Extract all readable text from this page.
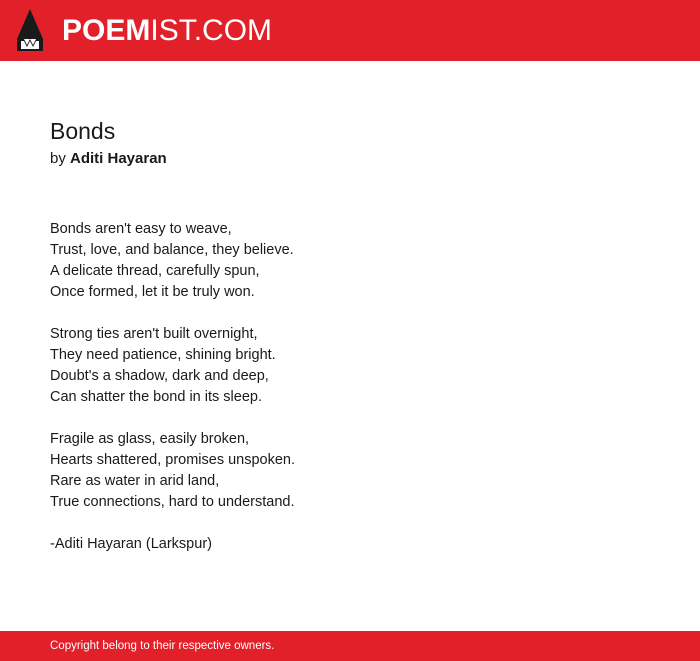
POEMIST.COM
Bonds
by Aditi Hayaran
Bonds aren't easy to weave,
Trust, love, and balance, they believe.
A delicate thread, carefully spun,
Once formed, let it be truly won.
Strong ties aren't built overnight,
They need patience, shining bright.
Doubt's a shadow, dark and deep,
Can shatter the bond in its sleep.
Fragile as glass, easily broken,
Hearts shattered, promises unspoken.
Rare as water in arid land,
True connections, hard to understand.
-Aditi Hayaran (Larkspur)
Copyright belong to their respective owners.
